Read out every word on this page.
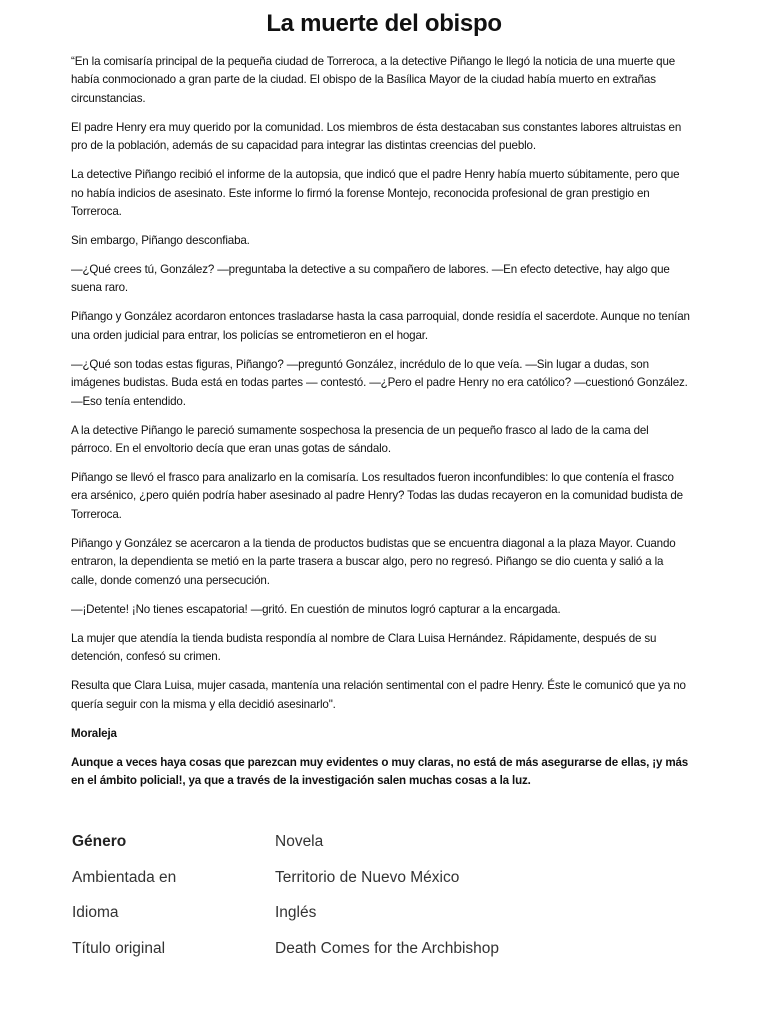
La muerte del obispo

“En la comisaría principal de la pequeña ciudad de Torreroca, a la detective Piñango le llegó la noticia de una muerte que había conmocionado a gran parte de la ciudad. El obispo de la Basílica Mayor de la ciudad había muerto en extrañas circunstancias.

El padre Henry era muy querido por la comunidad. Los miembros de ésta destacaban sus constantes labores altruistas en pro de la población, además de su capacidad para integrar las distintas creencias del pueblo.

La detective Piñango recibió el informe de la autopsia, que indicó que el padre Henry había muerto súbitamente, pero que no había indicios de asesinato. Este informe lo firmó la forense Montejo, reconocida profesional de gran prestigio en Torreroca.

Sin embargo, Piñango desconfiaba.

—¿Qué crees tú, González? —preguntaba la detective a su compañero de labores. —En efecto detective, hay algo que suena raro.

Piñango y González acordaron entonces trasladarse hasta la casa parroquial, donde residía el sacerdote. Aunque no tenían una orden judicial para entrar, los policías se entrometieron en el hogar.

—¿Qué son todas estas figuras, Piñango? —preguntó González, incrédulo de lo que veía. —Sin lugar a dudas, son imágenes budistas. Buda está en todas partes — contestó. —¿Pero el padre Henry no era católico? —cuestionó González. —Eso tenía entendido.

A la detective Piñango le pareció sumamente sospechosa la presencia de un pequeño frasco al lado de la cama del párroco. En el envoltorio decía que eran unas gotas de sándalo.

Piñango se llevó el frasco para analizarlo en la comisaría. Los resultados fueron inconfundibles: lo que contenía el frasco era arsénico, ¿pero quién podría haber asesinado al padre Henry? Todas las dudas recayeron en la comunidad budista de Torreroca.

Piñango y González se acercaron a la tienda de productos budistas que se encuentra diagonal a la plaza Mayor. Cuando entraron, la dependienta se metió en la parte trasera a buscar algo, pero no regresó. Piñango se dio cuenta y salió a la calle, donde comenzó una persecución.

—¡Detente! ¡No tienes escapatoria! —gritó. En cuestión de minutos logró capturar a la encargada.

La mujer que atendía la tienda budista respondía al nombre de Clara Luisa Hernández. Rápidamente, después de su detención, confesó su crimen.

Resulta que Clara Luisa, mujer casada, mantenía una relación sentimental con el padre Henry. Éste le comunicó que ya no quería seguir con la misma y ella decidió asesinarlo".

Moraleja

Aunque a veces haya cosas que parezcan muy evidentes o muy claras, no está de más asegurarse de ellas, ¡y más en el ámbito policial!, ya que a través de la investigación salen muchas cosas a la luz.

Género	Novela
Ambientada en	Territorio de Nuevo México
Idioma	Inglés
Título original	Death Comes for the Archbishop
